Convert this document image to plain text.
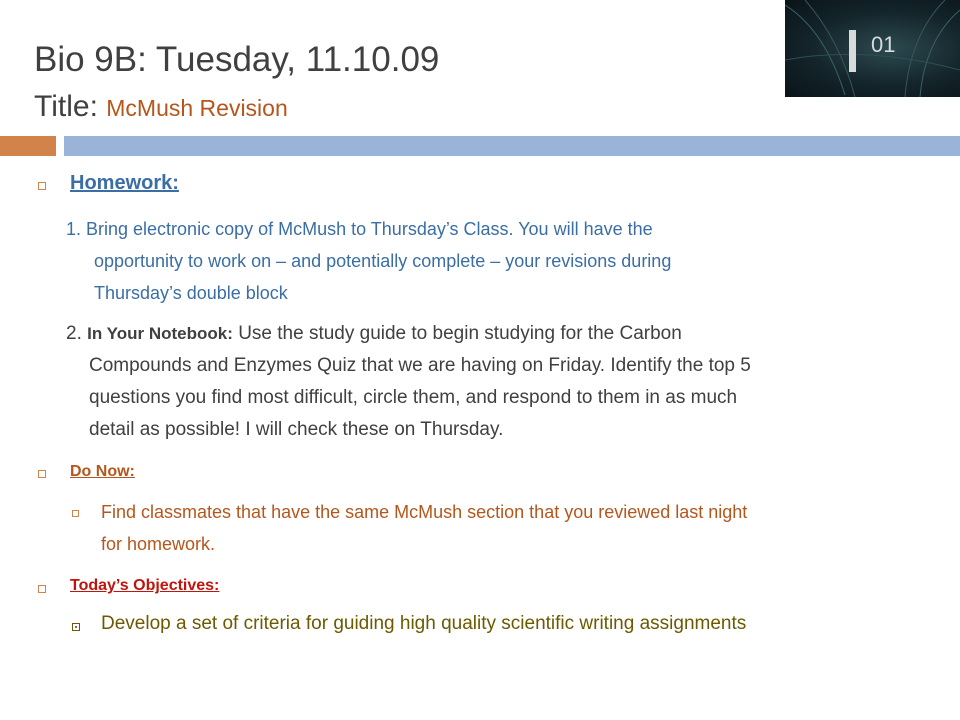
Bio 9B: Tuesday, 11.10.09
Title: McMush Revision
01
Homework:
1. Bring electronic copy of McMush to Thursday’s Class. You will have the
opportunity to work on – and potentially complete – your revisions during
Thursday’s double block
2. In Your Notebook: Use the study guide to begin studying for the Carbon
Compounds and Enzymes Quiz that we are having on Friday. Identify the top 5
questions you find most difficult, circle them, and respond to them in as much
detail as possible! I will check these on Thursday.
Do Now:
Find classmates that have the same McMush section that you reviewed last night
for homework.
Today’s Objectives:
Develop a set of criteria for guiding high quality scientific writing assignments
